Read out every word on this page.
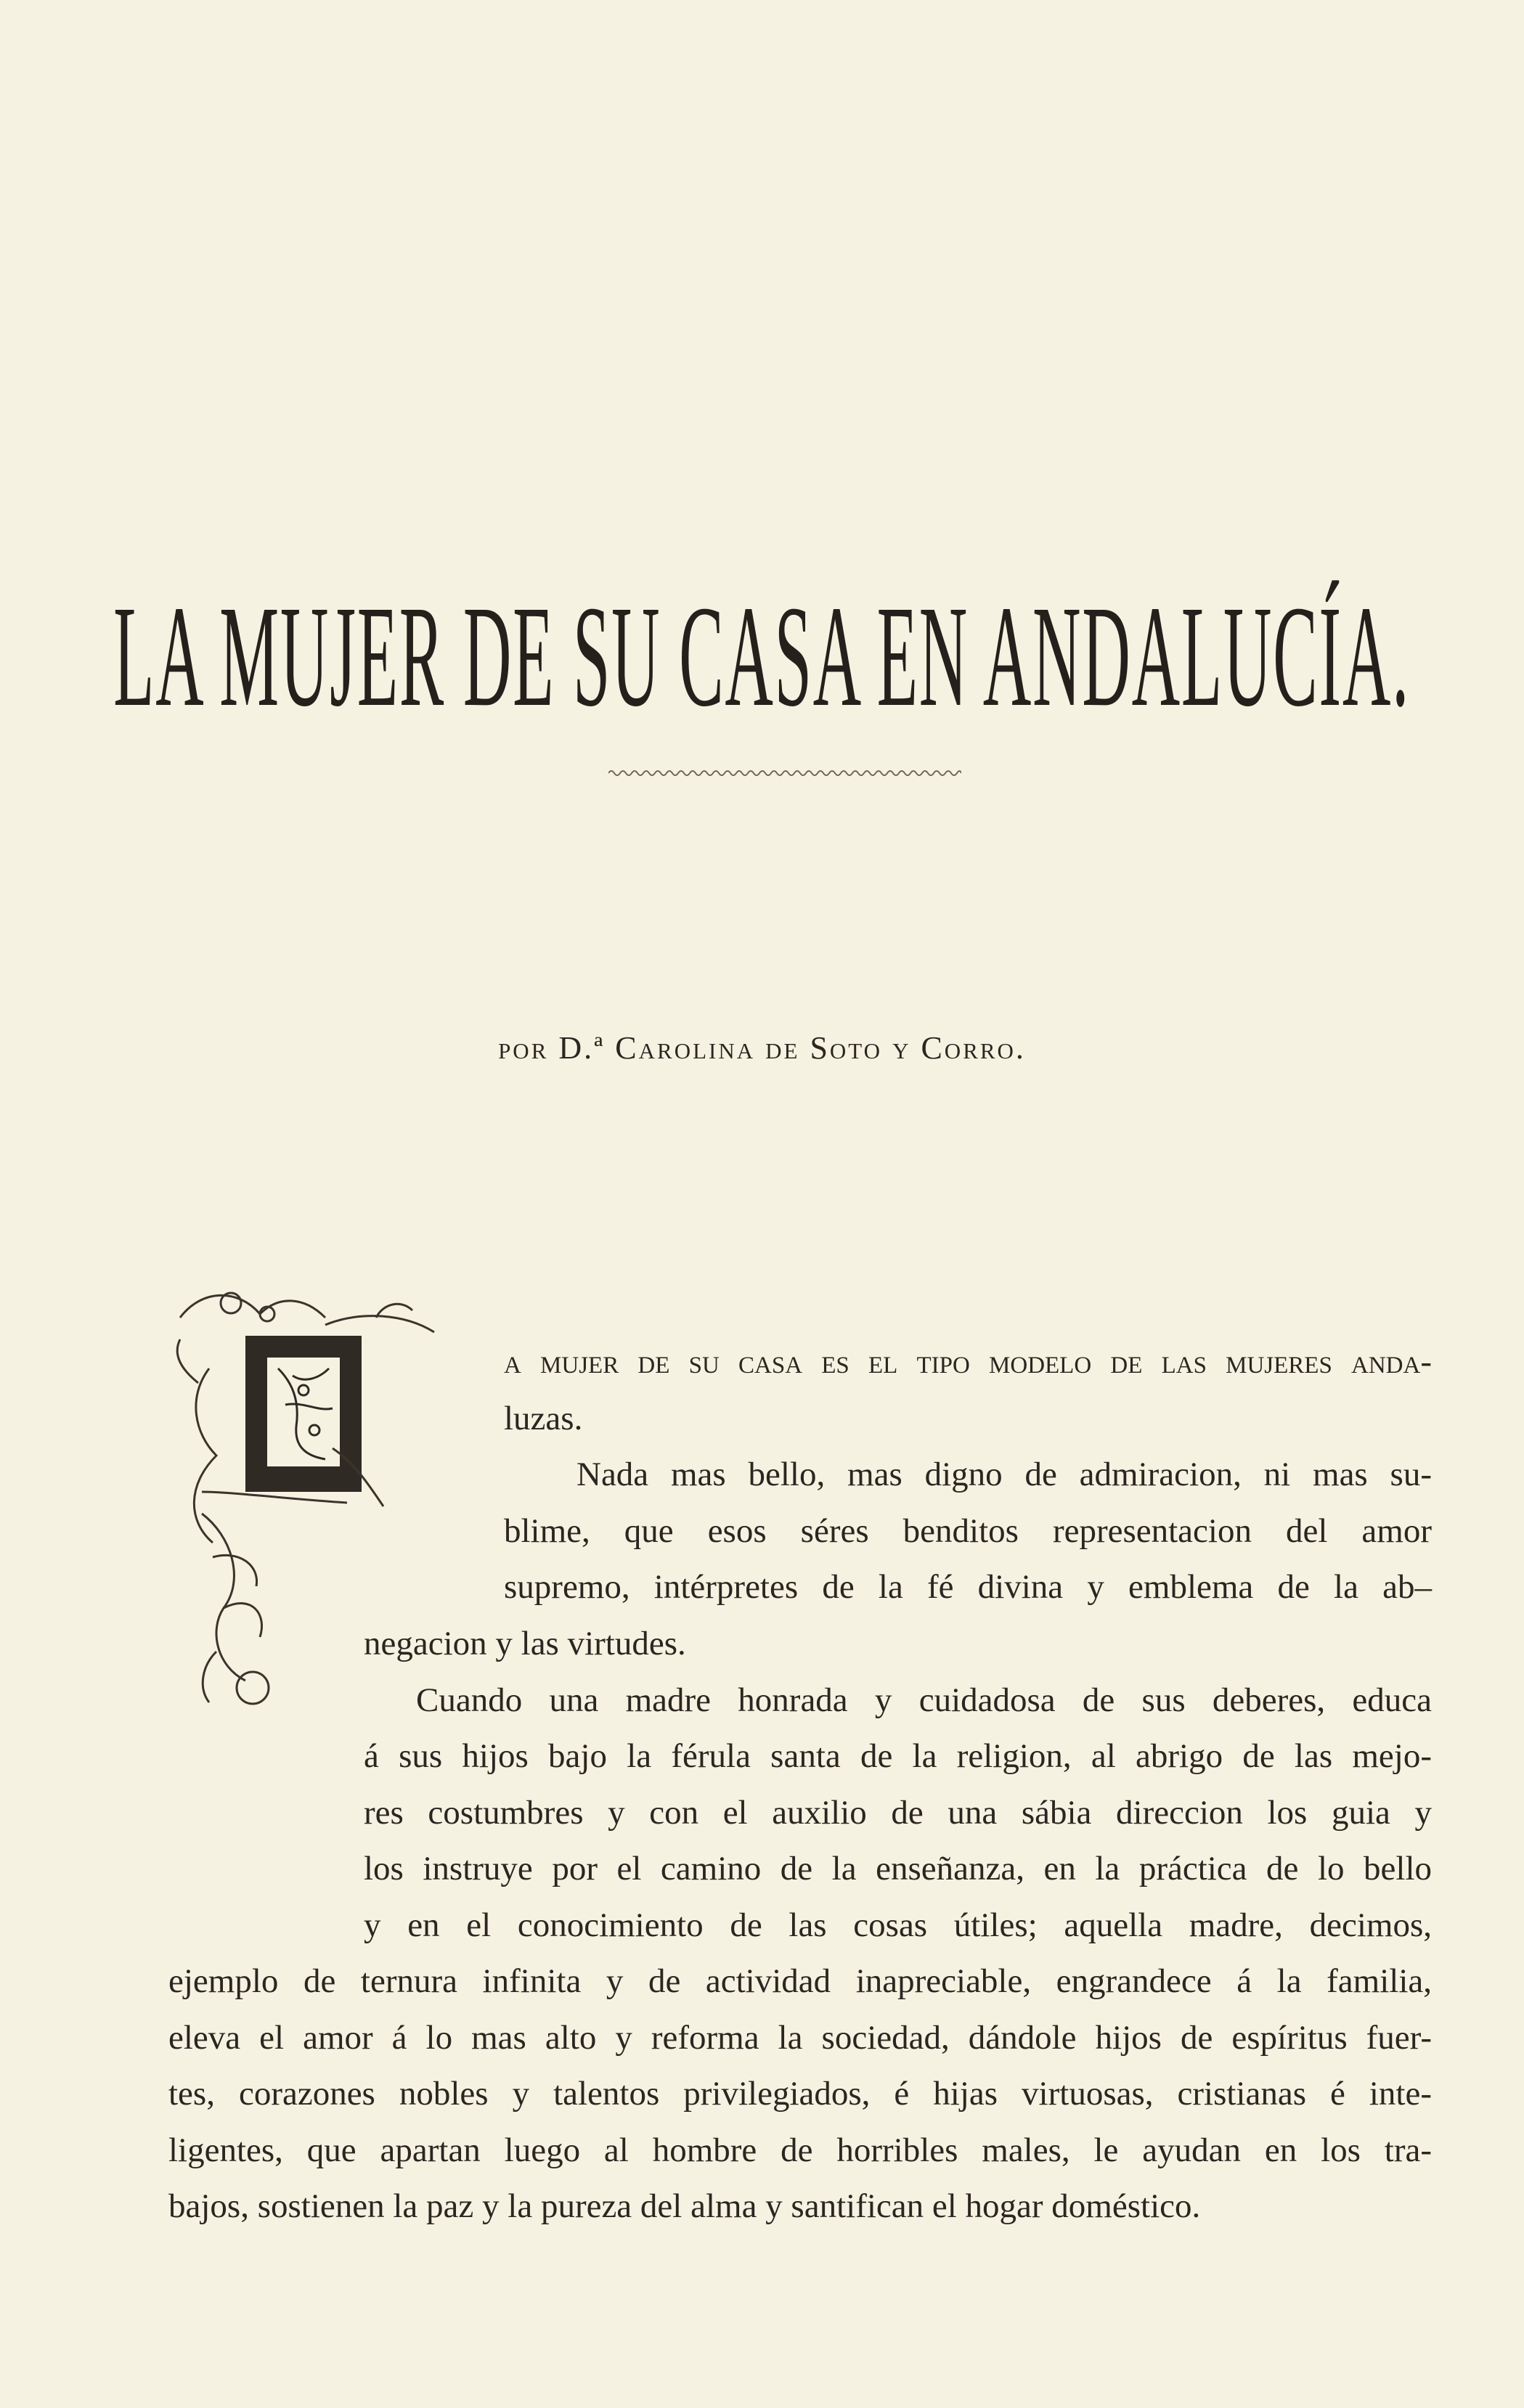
LA MUJER DE SU CASA EN ANDALUCÍA.
por D.ª Carolina de Soto y Corro.
L	a mujer de su casa es el tipo modelo de las mujeres anda-
luzas.
Nada mas bello, mas digno de admiracion, ni mas su-
blime, que esos séres benditos representacion del amor
supremo, intérpretes de la fé divina y emblema de la ab–
negacion y las virtudes.
Cuando una madre honrada y cuidadosa de sus deberes, educa
á sus hijos bajo la férula santa de la religion, al abrigo de las mejo-
res costumbres y con el auxilio de una sábia direccion los guia y
los instruye por el camino de la enseñanza, en la práctica de lo bello
y en el conocimiento de las cosas útiles; aquella madre, decimos,
ejemplo de ternura infinita y de actividad inapreciable, engrandece á la familia,
eleva el amor á lo mas alto y reforma la sociedad, dándole hijos de espíritus fuer-
tes, corazones nobles y talentos privilegiados, é hijas virtuosas, cristianas é inte-
ligentes, que apartan luego al hombre de horribles males, le ayudan en los tra-
bajos, sostienen la paz y la pureza del alma y santifican el hogar doméstico.
